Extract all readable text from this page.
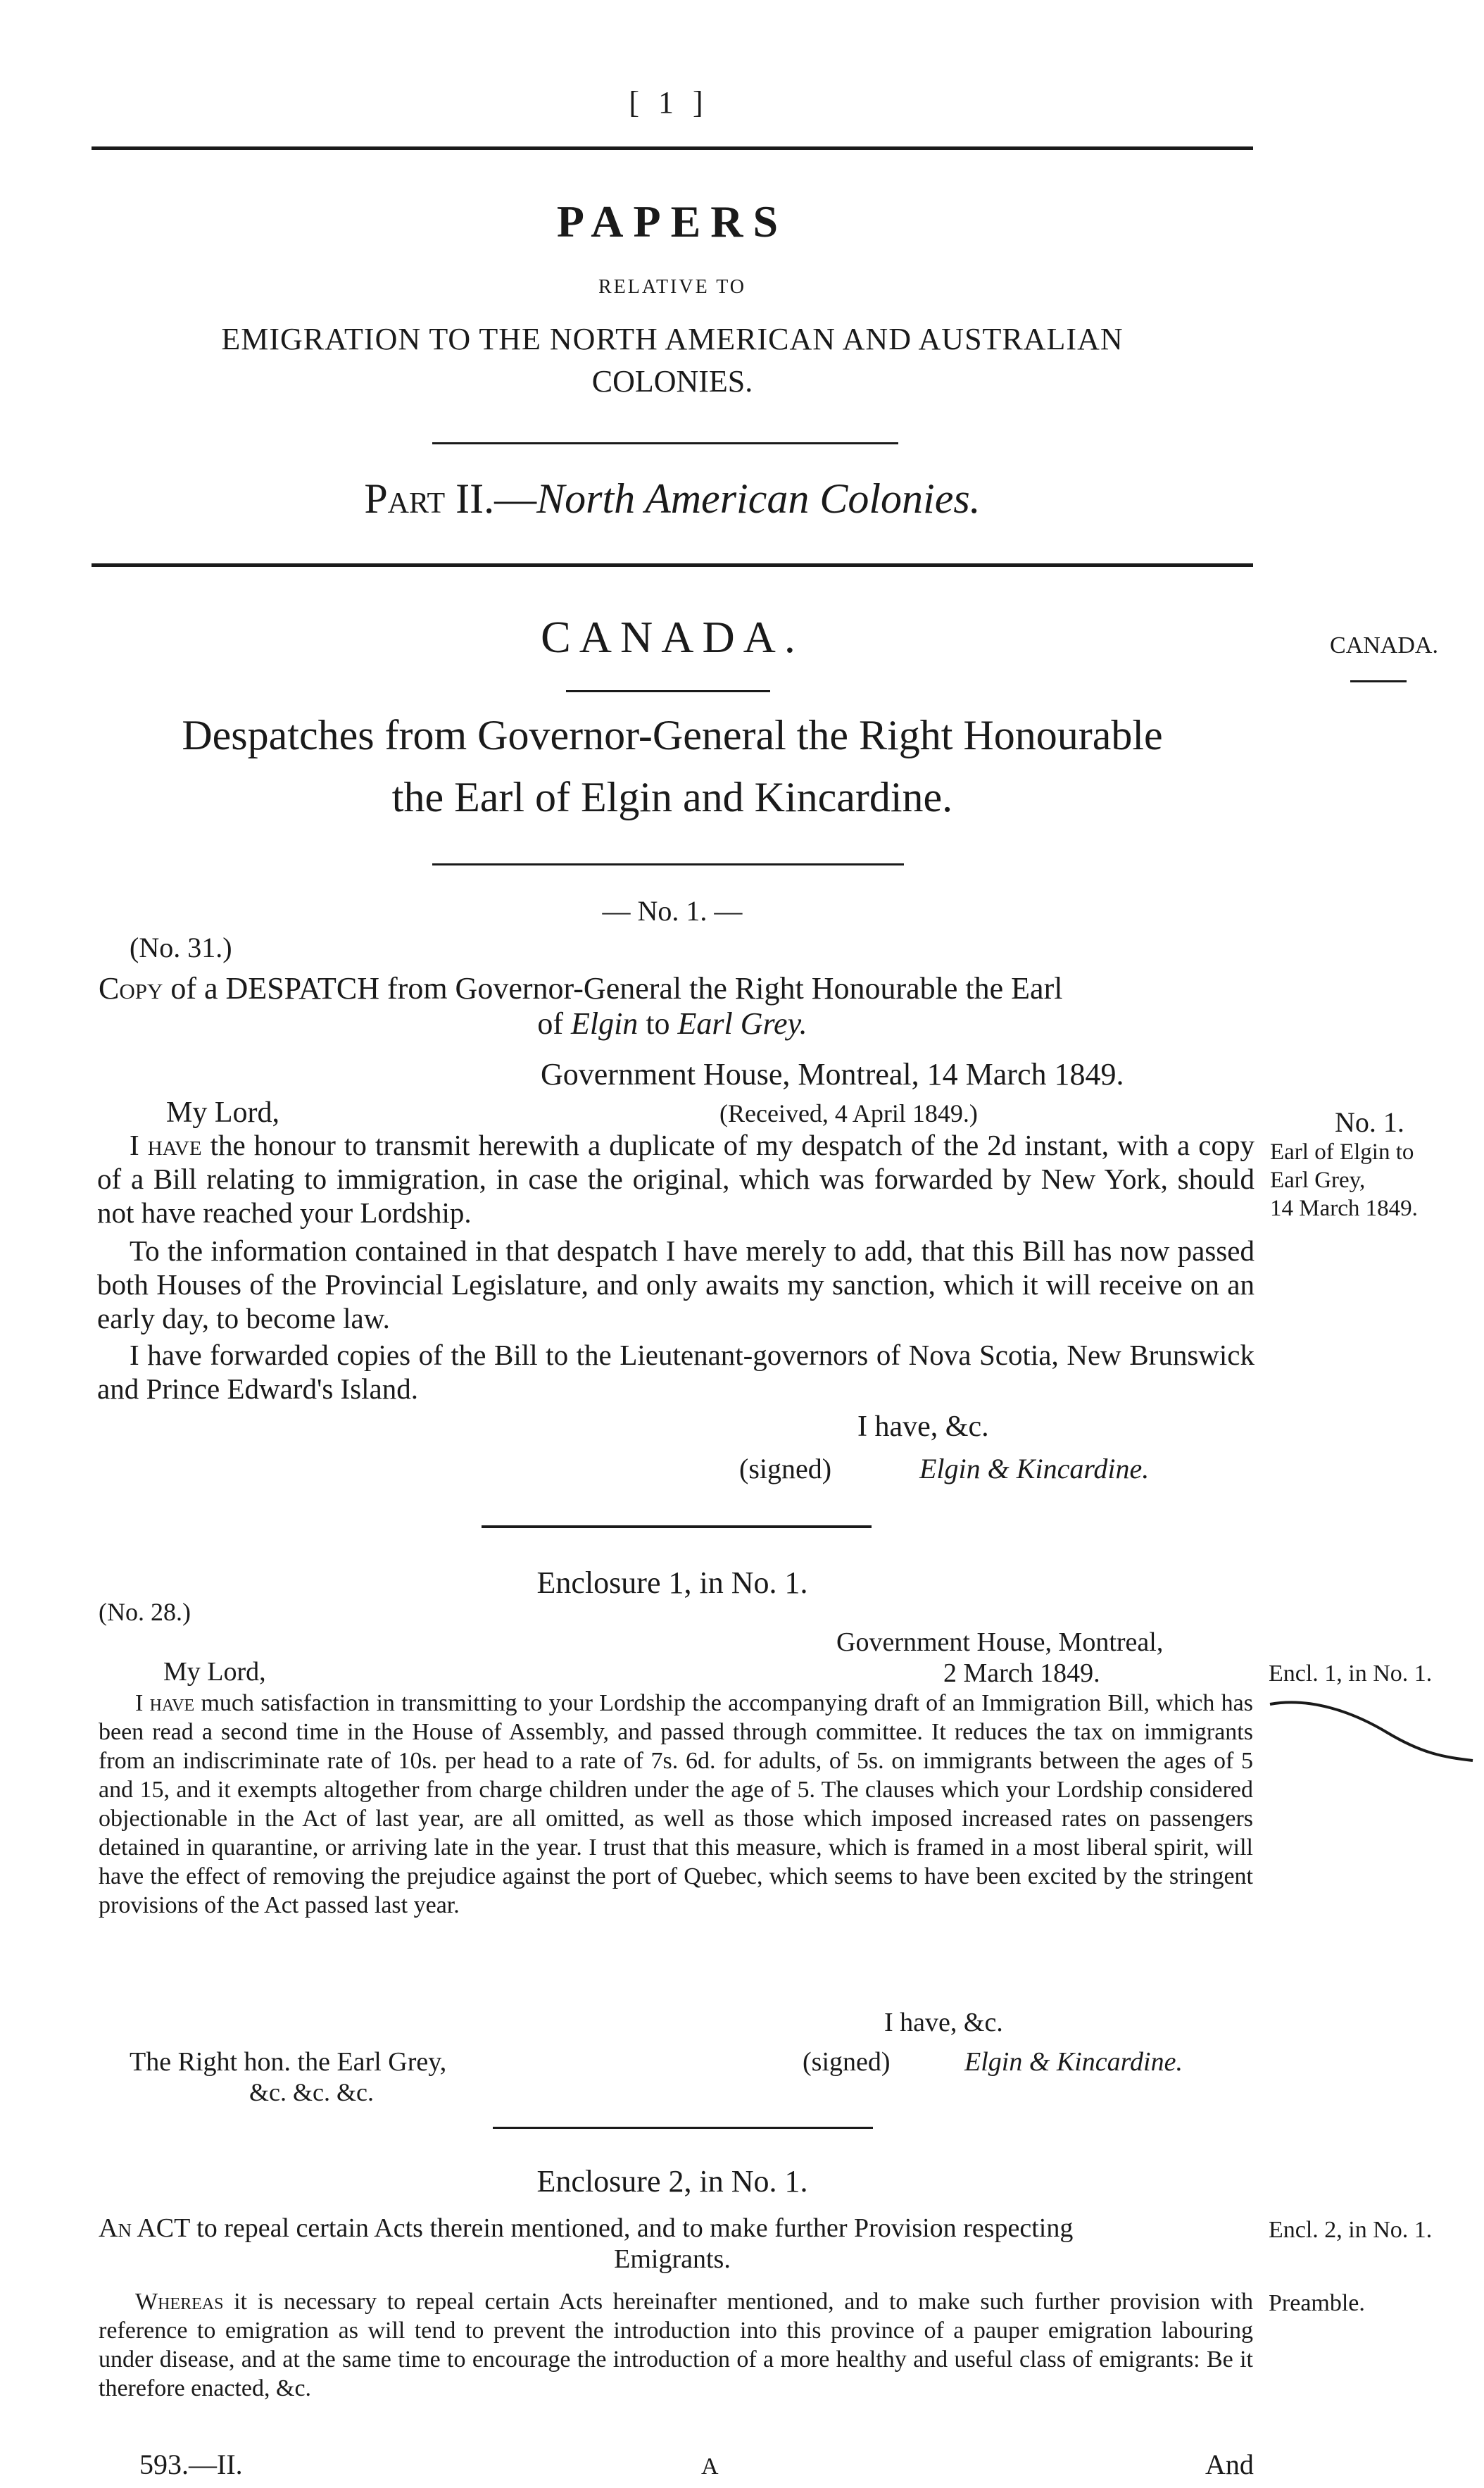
[ 1 ]
PAPERS
RELATIVE TO
EMIGRATION TO THE NORTH AMERICAN AND AUSTRALIAN
COLONIES.
Part II.—North American Colonies.
CANADA.	CANADA.
Despatches from Governor-General the Right Honourable
the Earl of Elgin and Kincardine.
— No. 1. —
(No. 31.)
Copy of a DESPATCH from Governor-General the Right Honourable the Earl
of Elgin to Earl Grey.
Government House, Montreal, 14 March 1849.
My Lord,	(Received, 4 April 1849.)
I have the honour to transmit herewith a duplicate of my despatch of the 2d instant, with a copy of a Bill relating to immigration, in case the original, which was forwarded by New York, should not have reached your Lordship.
To the information contained in that despatch I have merely to add, that this Bill has now passed both Houses of the Provincial Legislature, and only awaits my sanction, which it will receive on an early day, to become law.
I have forwarded copies of the Bill to the Lieutenant-governors of Nova Scotia, New Brunswick and Prince Edward's Island.
I have, &c.
(signed)	Elgin & Kincardine.
No. 1.
Earl of Elgin to
Earl Grey,
14 March 1849.
Enclosure 1, in No. 1.
(No. 28.)
Government House, Montreal,
2 March 1849.
My Lord,
I have much satisfaction in transmitting to your Lordship the accompanying draft of an Immigration Bill, which has been read a second time in the House of Assembly, and passed through committee. It reduces the tax on immigrants from an indiscriminate rate of 10s. per head to a rate of 7s. 6d. for adults, of 5s. on immigrants between the ages of 5 and 15, and it exempts altogether from charge children under the age of 5. The clauses which your Lordship considered objectionable in the Act of last year, are all omitted, as well as those which imposed increased rates on passengers detained in quarantine, or arriving late in the year. I trust that this measure, which is framed in a most liberal spirit, will have the effect of removing the prejudice against the port of Quebec, which seems to have been excited by the stringent provisions of the Act passed last year.
I have, &c.
The Right hon. the Earl Grey,
&c. &c. &c.
(signed)	Elgin & Kincardine.
Encl. 1, in No. 1.
Enclosure 2, in No. 1.
An ACT to repeal certain Acts therein mentioned, and to make further Provision respecting
Emigrants.
Whereas it is necessary to repeal certain Acts hereinafter mentioned, and to make such further provision with reference to emigration as will tend to prevent the introduction into this province of a pauper emigration labouring under disease, and at the same time to encourage the introduction of a more healthy and useful class of emigrants: Be it therefore enacted, &c.
Encl. 2, in No. 1.
Preamble.
593.—II.	A	And
